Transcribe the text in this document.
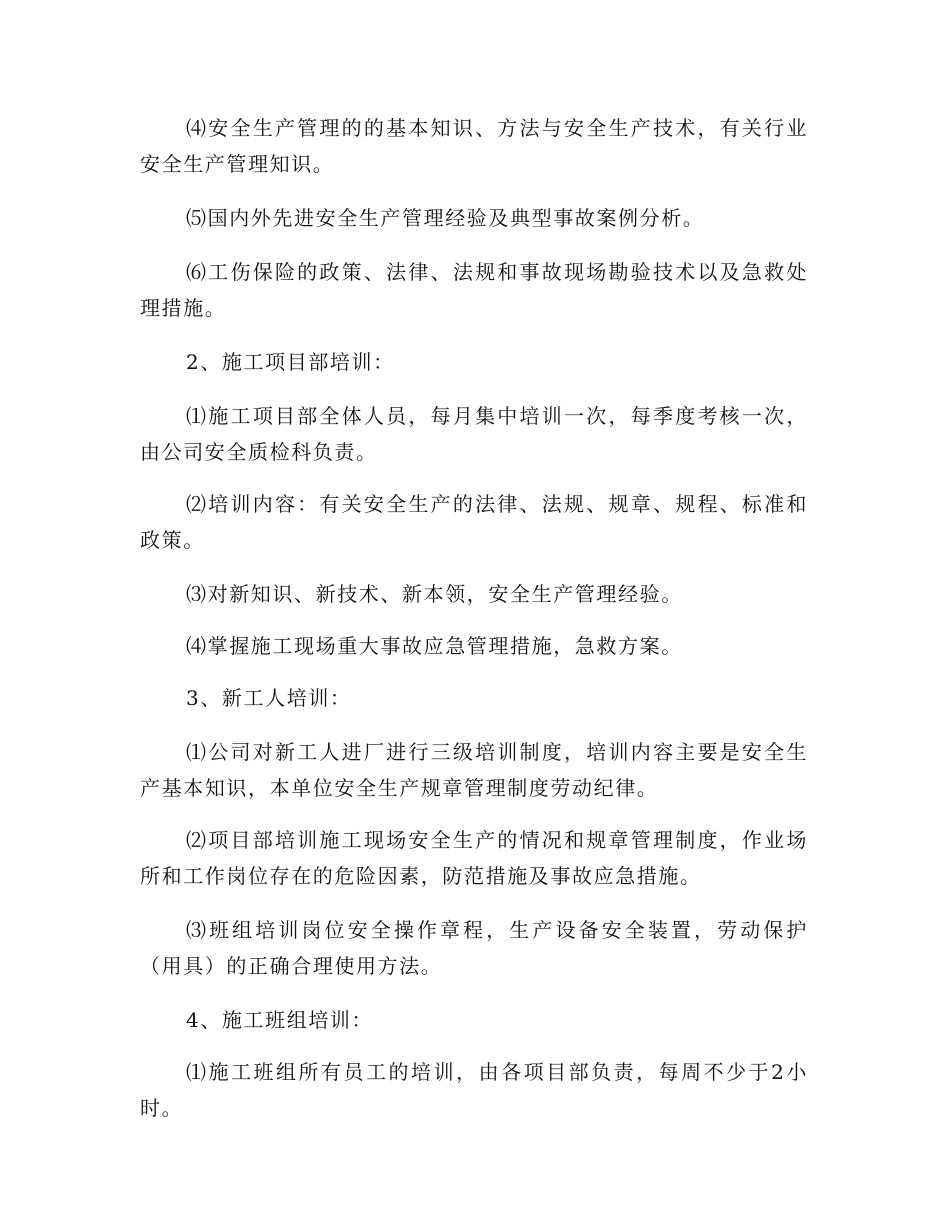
⑷安全生产管理的的基本知识、方法与安全生产技术，有关行业安全生产管理知识。

⑸国内外先进安全生产管理经验及典型事故案例分析。

⑹工伤保险的政策、法律、法规和事故现场勘验技术以及急救处理措施。

2、施工项目部培训：

⑴施工项目部全体人员，每月集中培训一次，每季度考核一次，由公司安全质检科负责。

⑵培训内容：有关安全生产的法律、法规、规章、规程、标准和政策。

⑶对新知识、新技术、新本领，安全生产管理经验。

⑷掌握施工现场重大事故应急管理措施，急救方案。

3、新工人培训：

⑴公司对新工人进厂进行三级培训制度，培训内容主要是安全生产基本知识，本单位安全生产规章管理制度劳动纪律。

⑵项目部培训施工现场安全生产的情况和规章管理制度，作业场所和工作岗位存在的危险因素，防范措施及事故应急措施。

⑶班组培训岗位安全操作章程，生产设备安全装置，劳动保护（用具）的正确合理使用方法。

4、施工班组培训：

⑴施工班组所有员工的培训，由各项目部负责，每周不少于2小时。
